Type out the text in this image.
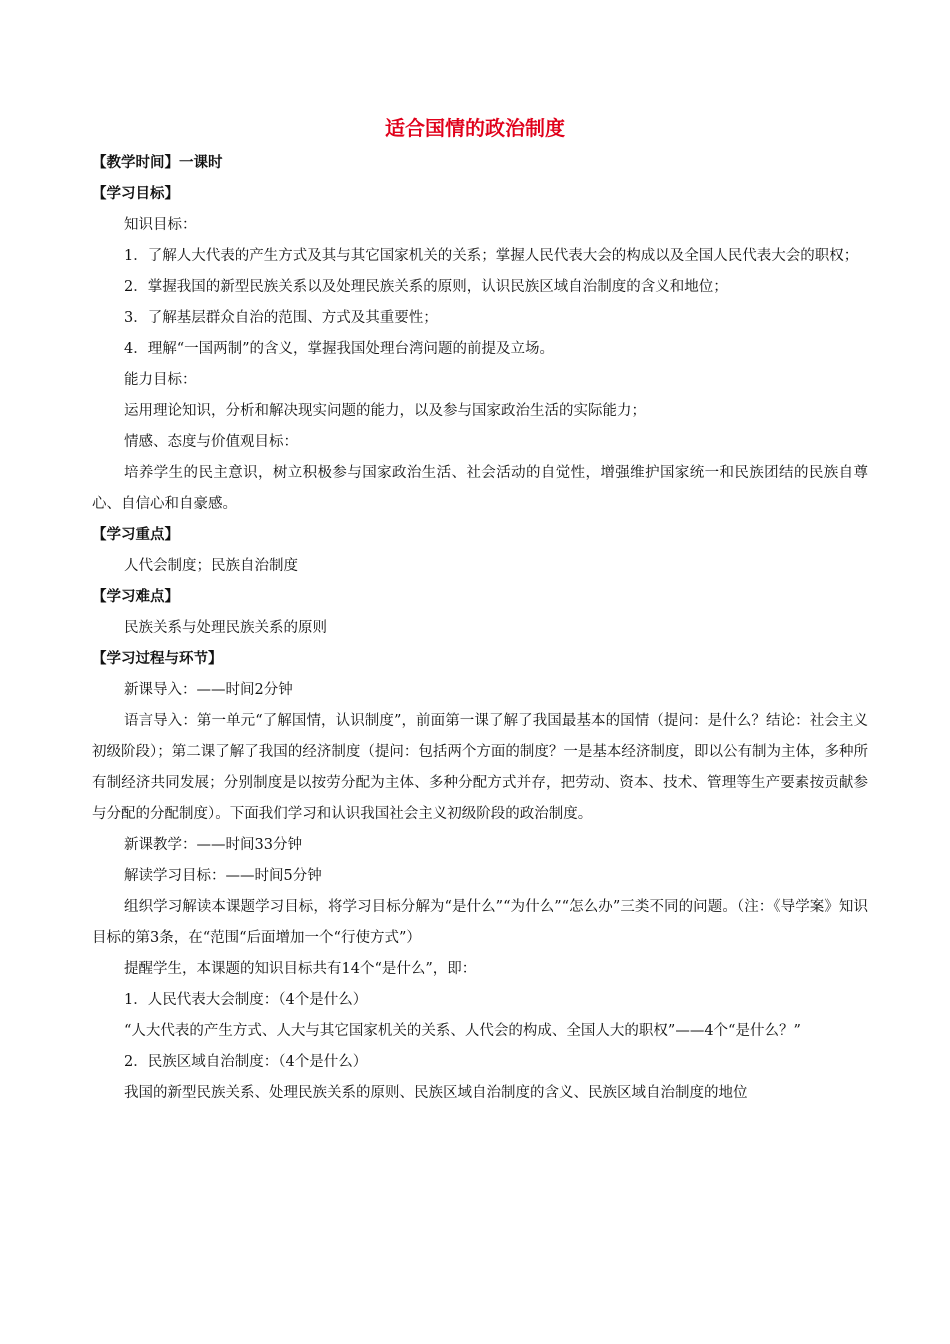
适合国情的政治制度

【教学时间】一课时

【学习目标】

知识目标：

1．了解人大代表的产生方式及其与其它国家机关的关系；掌握人民代表大会的构成以及全国人民代表大会的职权；

2．掌握我国的新型民族关系以及处理民族关系的原则，认识民族区域自治制度的含义和地位；

3．了解基层群众自治的范围、方式及其重要性；

4．理解“一国两制”的含义，掌握我国处理台湾问题的前提及立场。

能力目标：

运用理论知识，分析和解决现实问题的能力，以及参与国家政治生活的实际能力；

情感、态度与价值观目标：

培养学生的民主意识，树立积极参与国家政治生活、社会活动的自觉性，增强维护国家统一和民族团结的民族自尊心、自信心和自豪感。

【学习重点】

人代会制度；民族自治制度

【学习难点】

民族关系与处理民族关系的原则

【学习过程与环节】

新课导入：——时间2分钟

语言导入：第一单元“了解国情，认识制度”，前面第一课了解了我国最基本的国情（提问：是什么？结论：社会主义初级阶段）；第二课了解了我国的经济制度（提问：包括两个方面的制度？一是基本经济制度，即以公有制为主体，多种所有制经济共同发展；分别制度是以按劳分配为主体、多种分配方式并存，把劳动、资本、技术、管理等生产要素按贡献参与分配的分配制度）。下面我们学习和认识我国社会主义初级阶段的政治制度。

新课教学：——时间33分钟

解读学习目标：——时间5分钟

组织学习解读本课题学习目标，将学习目标分解为“是什么”“为什么”“怎么办”三类不同的问题。（注：《导学案》知识目标的第3条，在“范围“后面增加一个“行使方式”）

提醒学生，本课题的知识目标共有14个“是什么”，即：

1．人民代表大会制度：（4个是什么）

“人大代表的产生方式、人大与其它国家机关的关系、人代会的构成、全国人大的职权”——4个“是什么？”

2．民族区域自治制度：（4个是什么）

我国的新型民族关系、处理民族关系的原则、民族区域自治制度的含义、民族区域自治制度的地位
